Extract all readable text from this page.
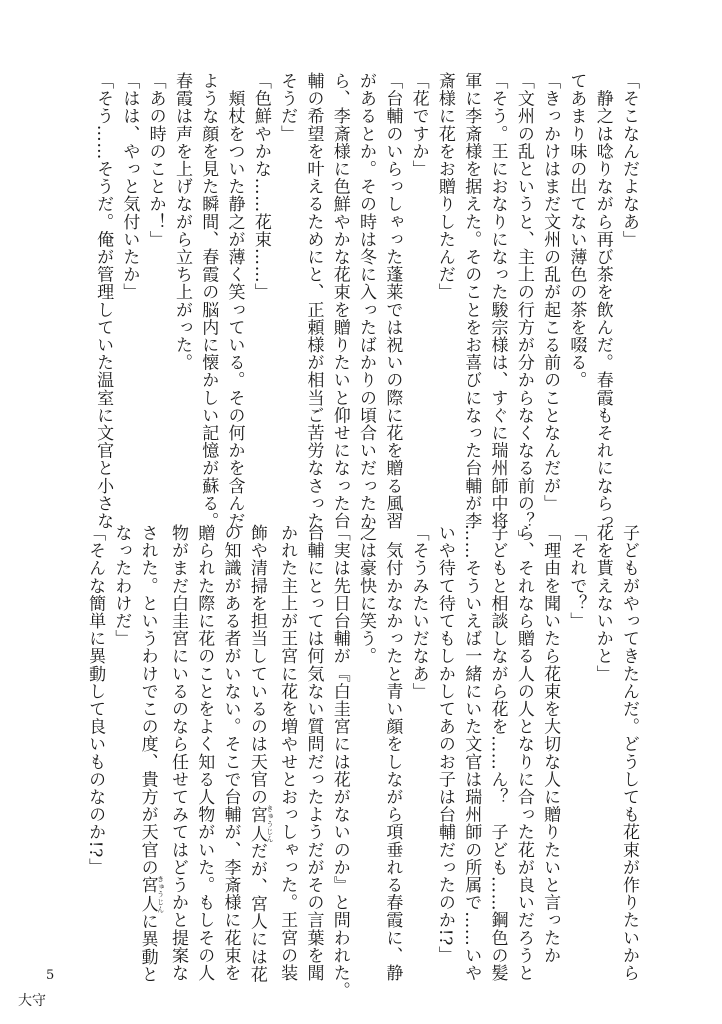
「そこなんだよなあ」
　静之は唸りながら再び茶を飲んだ。春霞もそれにならっ
てあまり味の出てない薄色の茶を啜る。
「きっかけはまだ文州の乱が起こる前のことなんだが」
「文州の乱というと、主上の行方が分からなくなる前の？」
「そう。王におなりになった駿宗様は、すぐに瑞州師中将
軍に李斎様を据えた。そのことをお喜びになった台輔が李
斎様に花をお贈りしたんだ」
「花ですか」
「台輔のいらっしゃった蓬莱では祝いの際に花を贈る風習
があるとか。その時は冬に入ったばかりの頃合いだったか
ら、李斎様に色鮮やかな花束を贈りたいと仰せになった台
輔の希望を叶えるためにと、正頼様が相当ご苦労なさった
そうだ」
「色鮮やかな……花束……」
　頬杖をついた静之が薄く笑っている。その何かを含んだ
ような顔を見た瞬間、春霞の脳内に懐かしい記憶が蘇る。
春霞は声を上げながら立ち上がった。
「あの時のことか！」
「はは、やっと気付いたか」
「そう……そうだ。俺が管理していた温室に文官と小さな
子どもがやってきたんだ。どうしても花束が作りたいから
花を貰えないかと」
「それで？」
「理由を聞いたら花束を大切な人に贈りたいと言ったか
ら、それなら贈る人の人となりに合った花が良いだろうと
子どもと相談しながら花を……ん？　子ども……鋼色の髪
……そういえば一緒にいた文官は瑞州師の所属で……いや
いや待て待てもしかしてあのお子は台輔だったのか!?」
「そうみたいだなあ」
　気付かなかったと青い顔をしながら項垂れる春霞に、静
之は豪快に笑う。
「実は先日台輔が『白圭宮には花がないのか』と問われた。
台輔にとっては何気ない質問だったようだがその言葉を聞
かれた主上が王宮に花を増やせとおっしゃった。王宮の装
飾や清掃を担当しているのは天官の宮人 きゅうじんだが、宮人には花
の知識がある者がいない。そこで台輔が、李斎様に花束を
贈られた際に花のことをよく知る人物がいた。もしその人
物がまだ白圭宮にいるのなら任せてみてはどうかと提案な
された。というわけでこの度、貴方が天官の宮人 きゅうじんに異動と
なったわけだ」
「そんな簡単に異動して良いものなのか!?」
5
大守
